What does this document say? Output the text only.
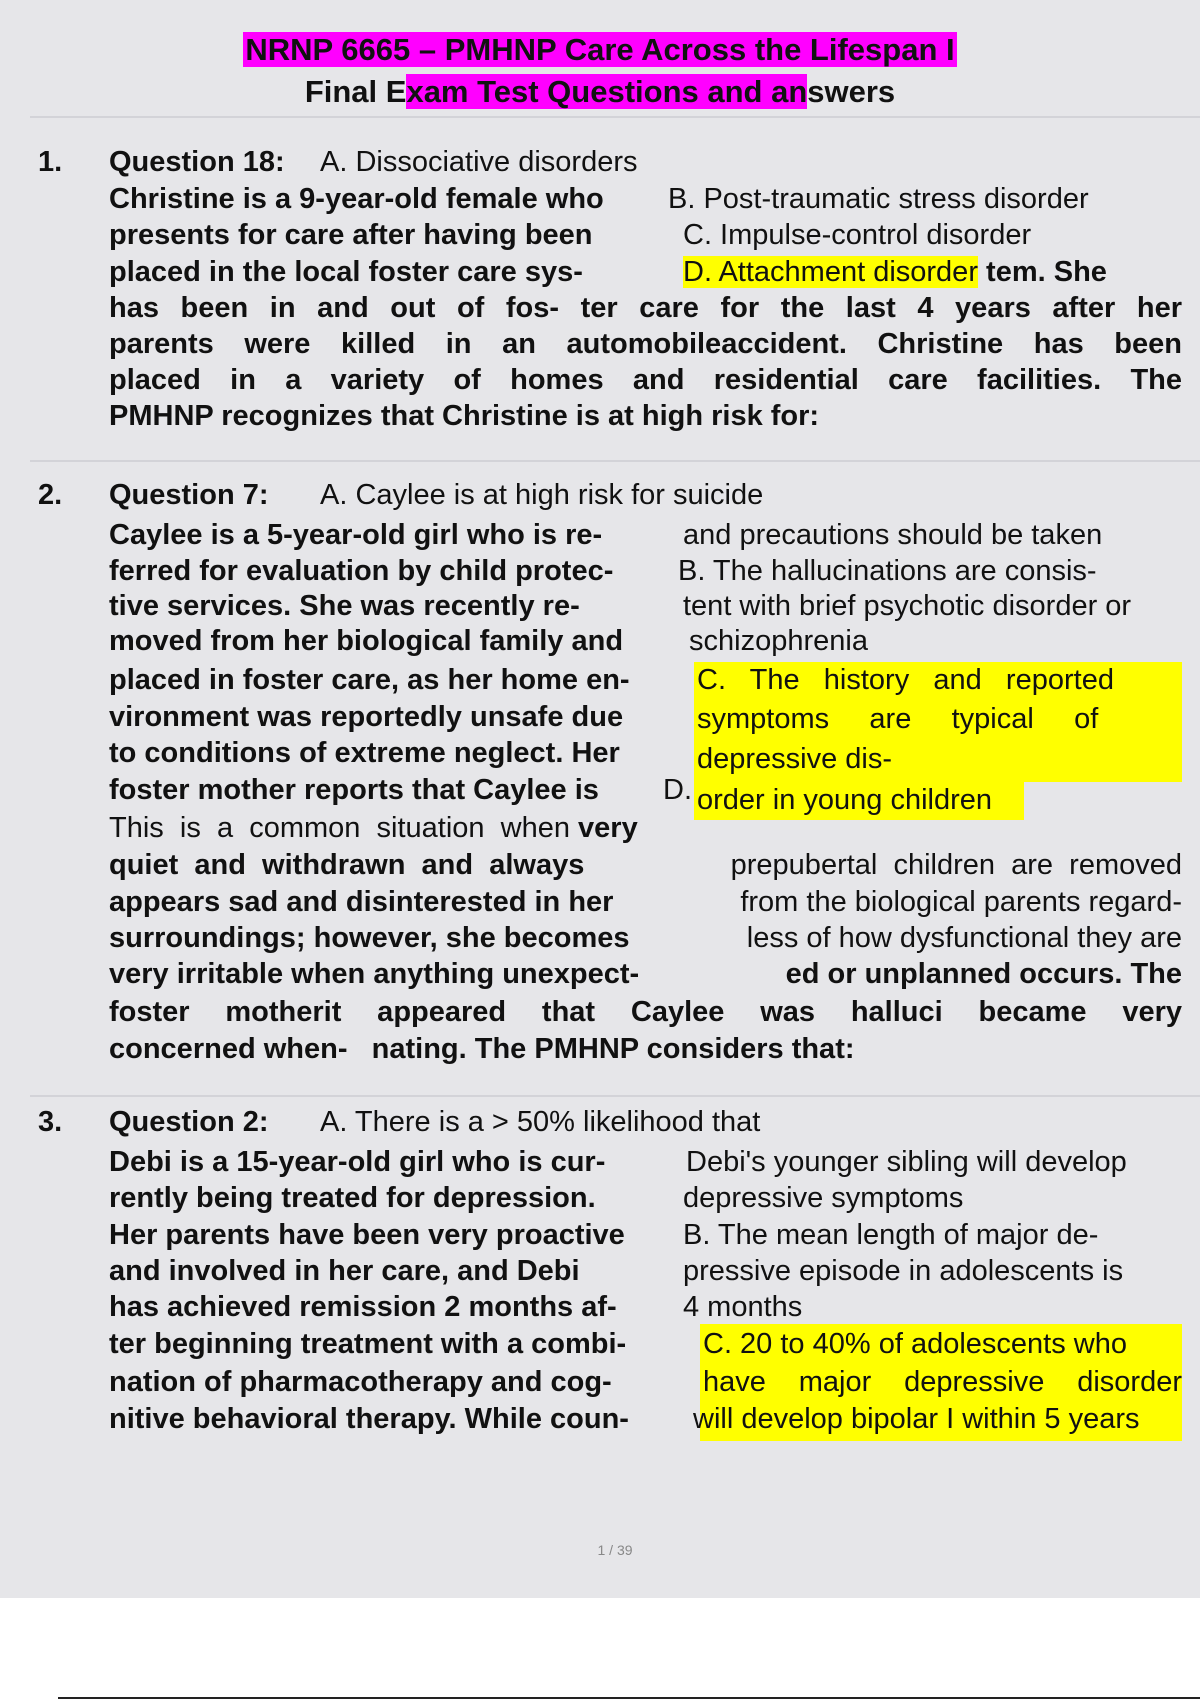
NRNP 6665 – PMHNP Care Across the Lifespan I
Final Exam Test Questions and answers
1. Question 18: A. Dissociative disorders
Christine is a 9-year-old female who B. Post-traumatic stress disorder
presents for care after having been	C. Impulse-control disorder
placed in the local foster care sys-	D. Attachment disorder tem. She
has been in and out of fos- ter care for the last 4 years after her
parents were killed in an automobileaccident. Christine has been
placed in a variety of homes and residential care facilities. The
PMHNP recognizes that Christine is at high risk for:
2. Question 7: A. Caylee is at high risk for suicide
Caylee is a 5-year-old girl who is re-	and precautions should be taken
ferred for evaluation by child protec- B. The hallucinations are consis-
tive services. She was recently re-	tent with brief psychotic disorder or
moved from her biological family and schizophrenia
placed in foster care, as her home en- C.   The   history   and   reported
vironment was reportedly unsafe due	symptoms     are     typical     of
to conditions of extreme neglect. Her	depressive dis-
foster mother reports that Caylee is D. order in young children
This  is  a  common  situation  when very
quiet  and  withdrawn  and  always	prepubertal  children  are  removed
appears sad and disinterested in her	from the biological parents regard-
surroundings; however, she becomes	less of how dysfunctional they are
very irritable when anything unexpect-	ed or unplanned occurs. The
foster motherit appeared that Caylee was halluci became very
concerned when-   nating. The PMHNP considers that:
3. Question 2: A. There is a > 50% likelihood that
Debi is a 15-year-old girl who is cur-	Debi's younger sibling will develop
rently being treated for depression.	depressive symptoms
Her parents have been very proactive B. The mean length of major de-
and involved in her care, and Debi	pressive episode in adolescents is
has achieved remission 2 months af- 4 months
ter beginning treatment with a combi-	C. 20 to 40% of adolescents who
nation of pharmacotherapy and cog-	have major depressive disorder
nitive behavioral therapy. While coun- will develop bipolar I within 5 years
1 / 39
